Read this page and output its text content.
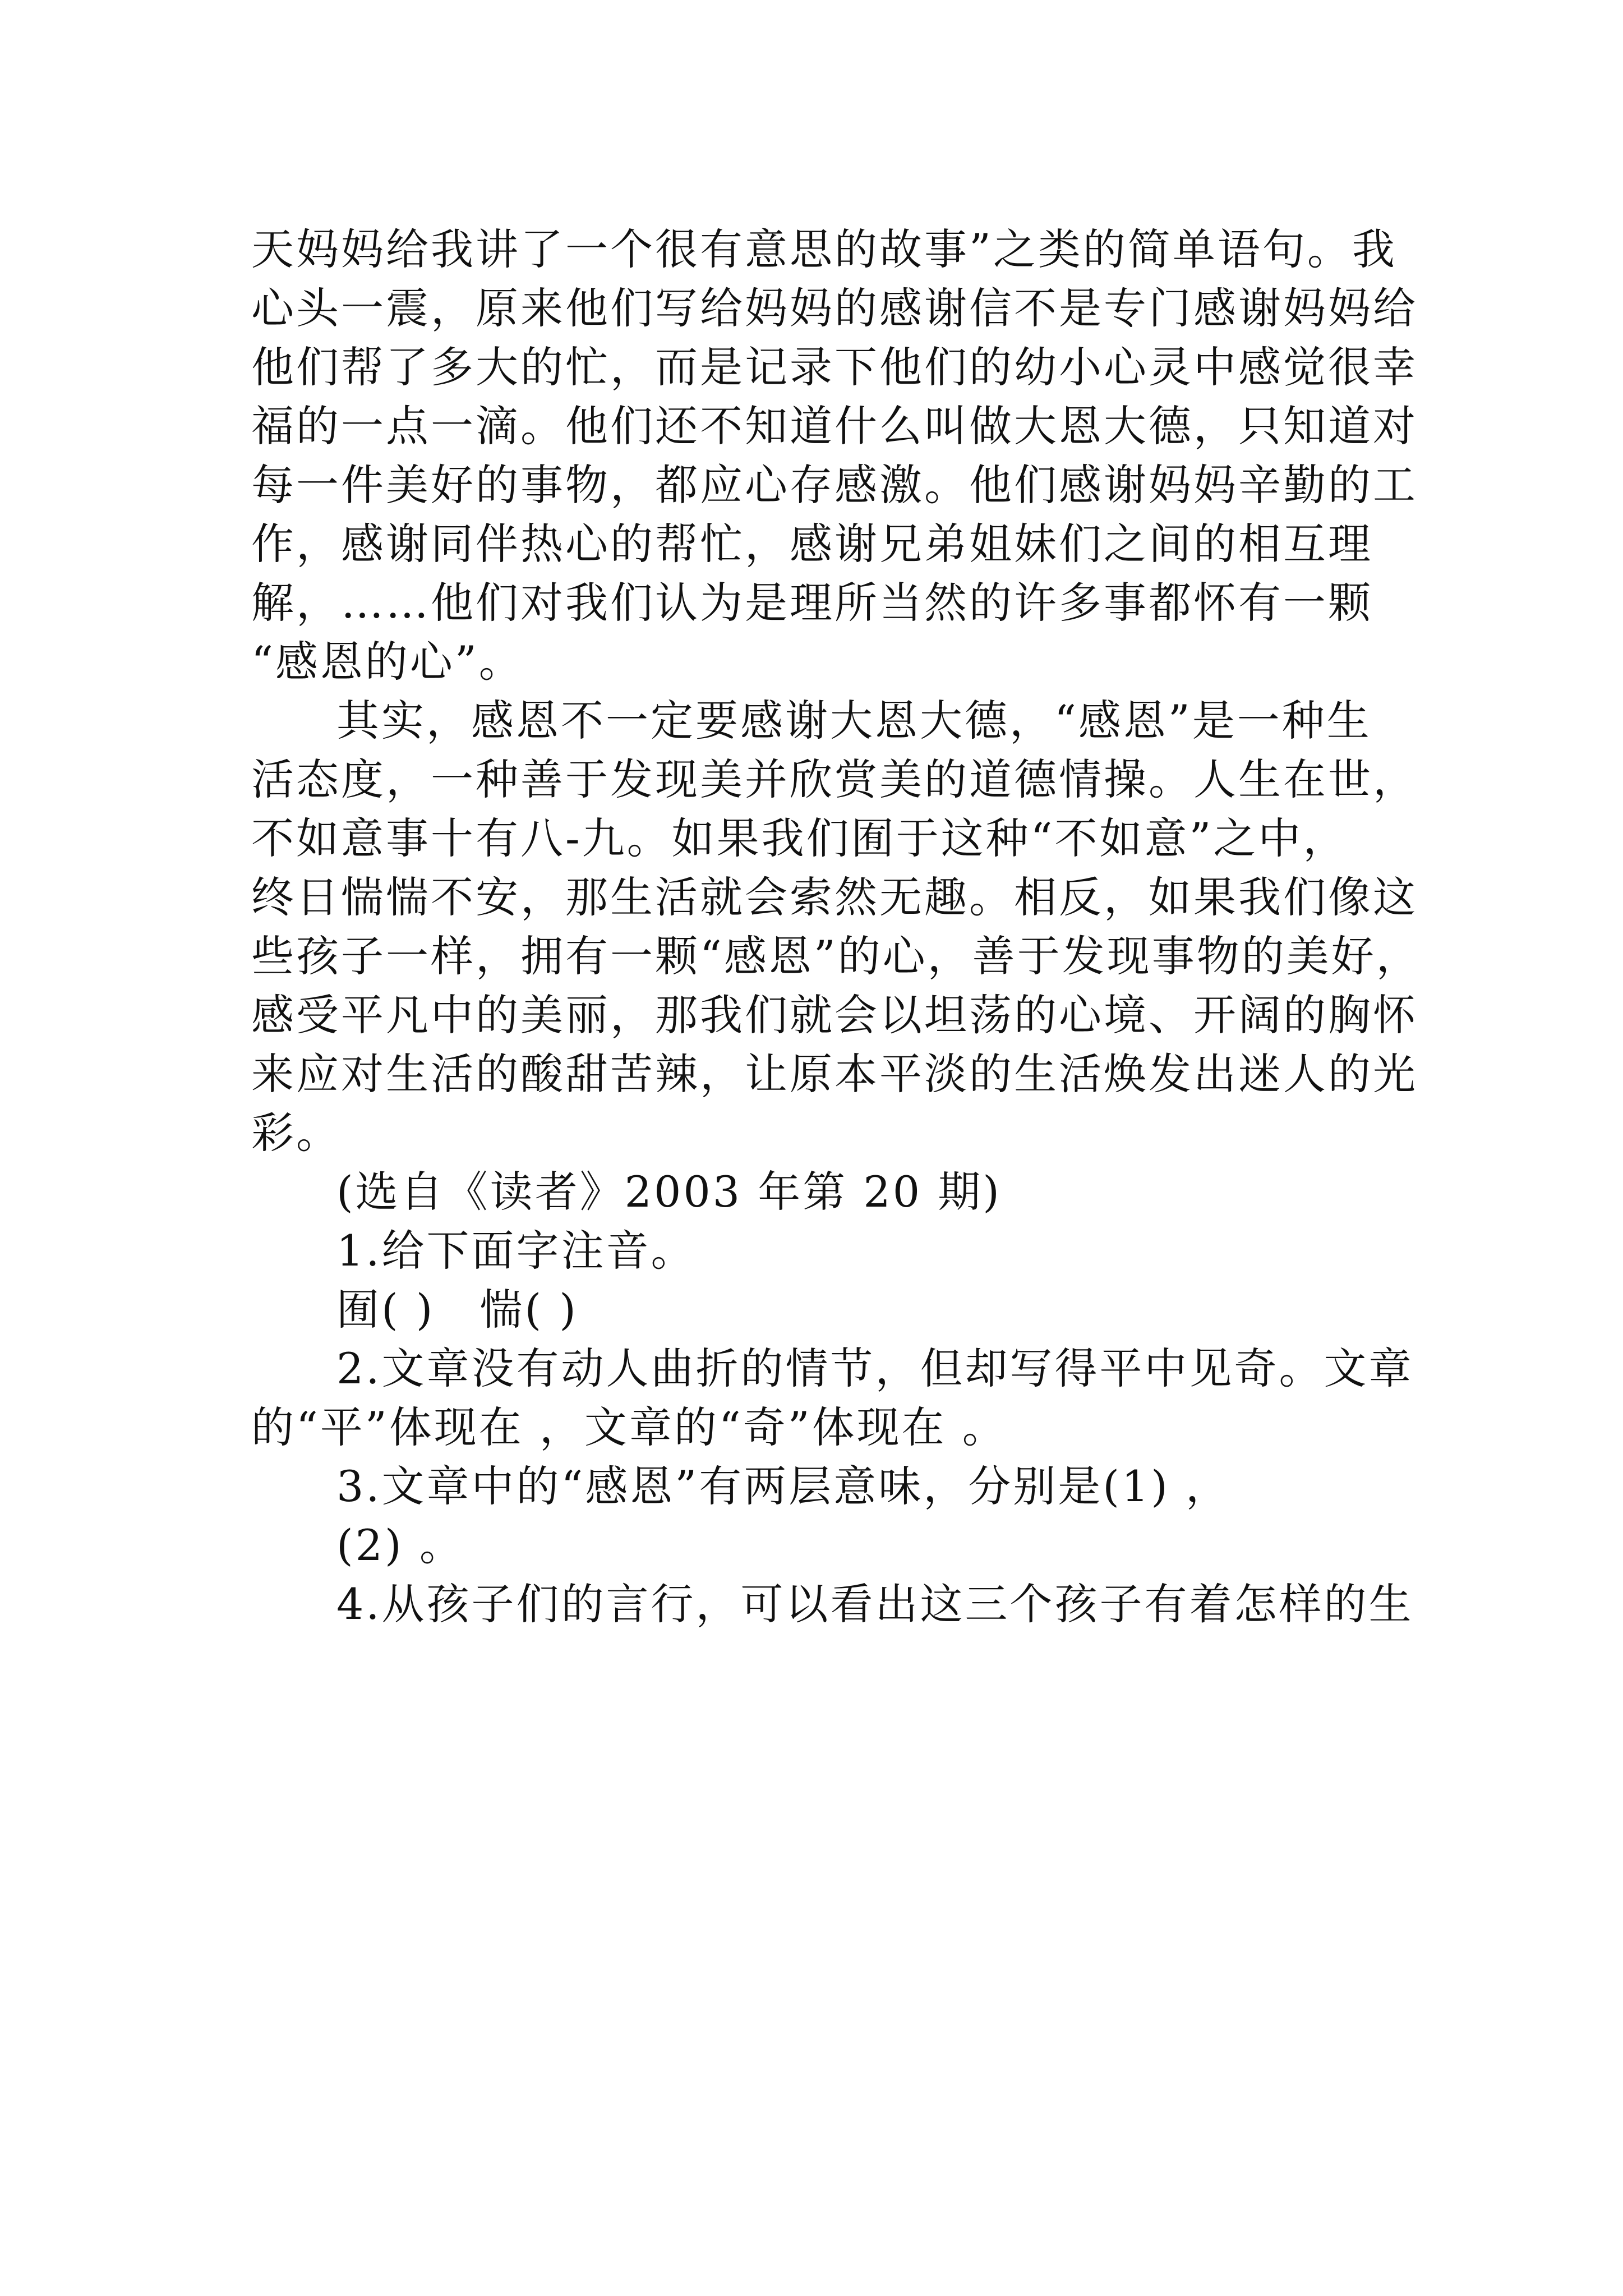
天妈妈给我讲了一个很有意思的故事”之类的简单语句。我

心头一震，原来他们写给妈妈的感谢信不是专门感谢妈妈给

他们帮了多大的忙，而是记录下他们的幼小心灵中感觉很幸

福的一点一滴。他们还不知道什么叫做大恩大德，只知道对

每一件美好的事物，都应心存感激。他们感谢妈妈辛勤的工

作，感谢同伴热心的帮忙，感谢兄弟姐妹们之间的相互理

解，……他们对我们认为是理所当然的许多事都怀有一颗

“感恩的心”。

其实，感恩不一定要感谢大恩大德，“感恩”是一种生

活态度，一种善于发现美并欣赏美的道德情操。人生在世，

不如意事十有八-九。如果我们囿于这种“不如意”之中，

终日惴惴不安，那生活就会索然无趣。相反，如果我们像这

些孩子一样，拥有一颗“感恩”的心，善于发现事物的美好，

感受平凡中的美丽，那我们就会以坦荡的心境、开阔的胸怀

来应对生活的酸甜苦辣，让原本平淡的生活焕发出迷人的光

彩。

(选自《读者》2003 年第 20 期)

1.给下面字注音。

囿( )　惴( )

2.文章没有动人曲折的情节，但却写得平中见奇。文章

的“平”体现在 ，文章的“奇”体现在 。

3.文章中的“感恩”有两层意味，分别是(1) ，

(2) 。

4.从孩子们的言行，可以看出这三个孩子有着怎样的生
